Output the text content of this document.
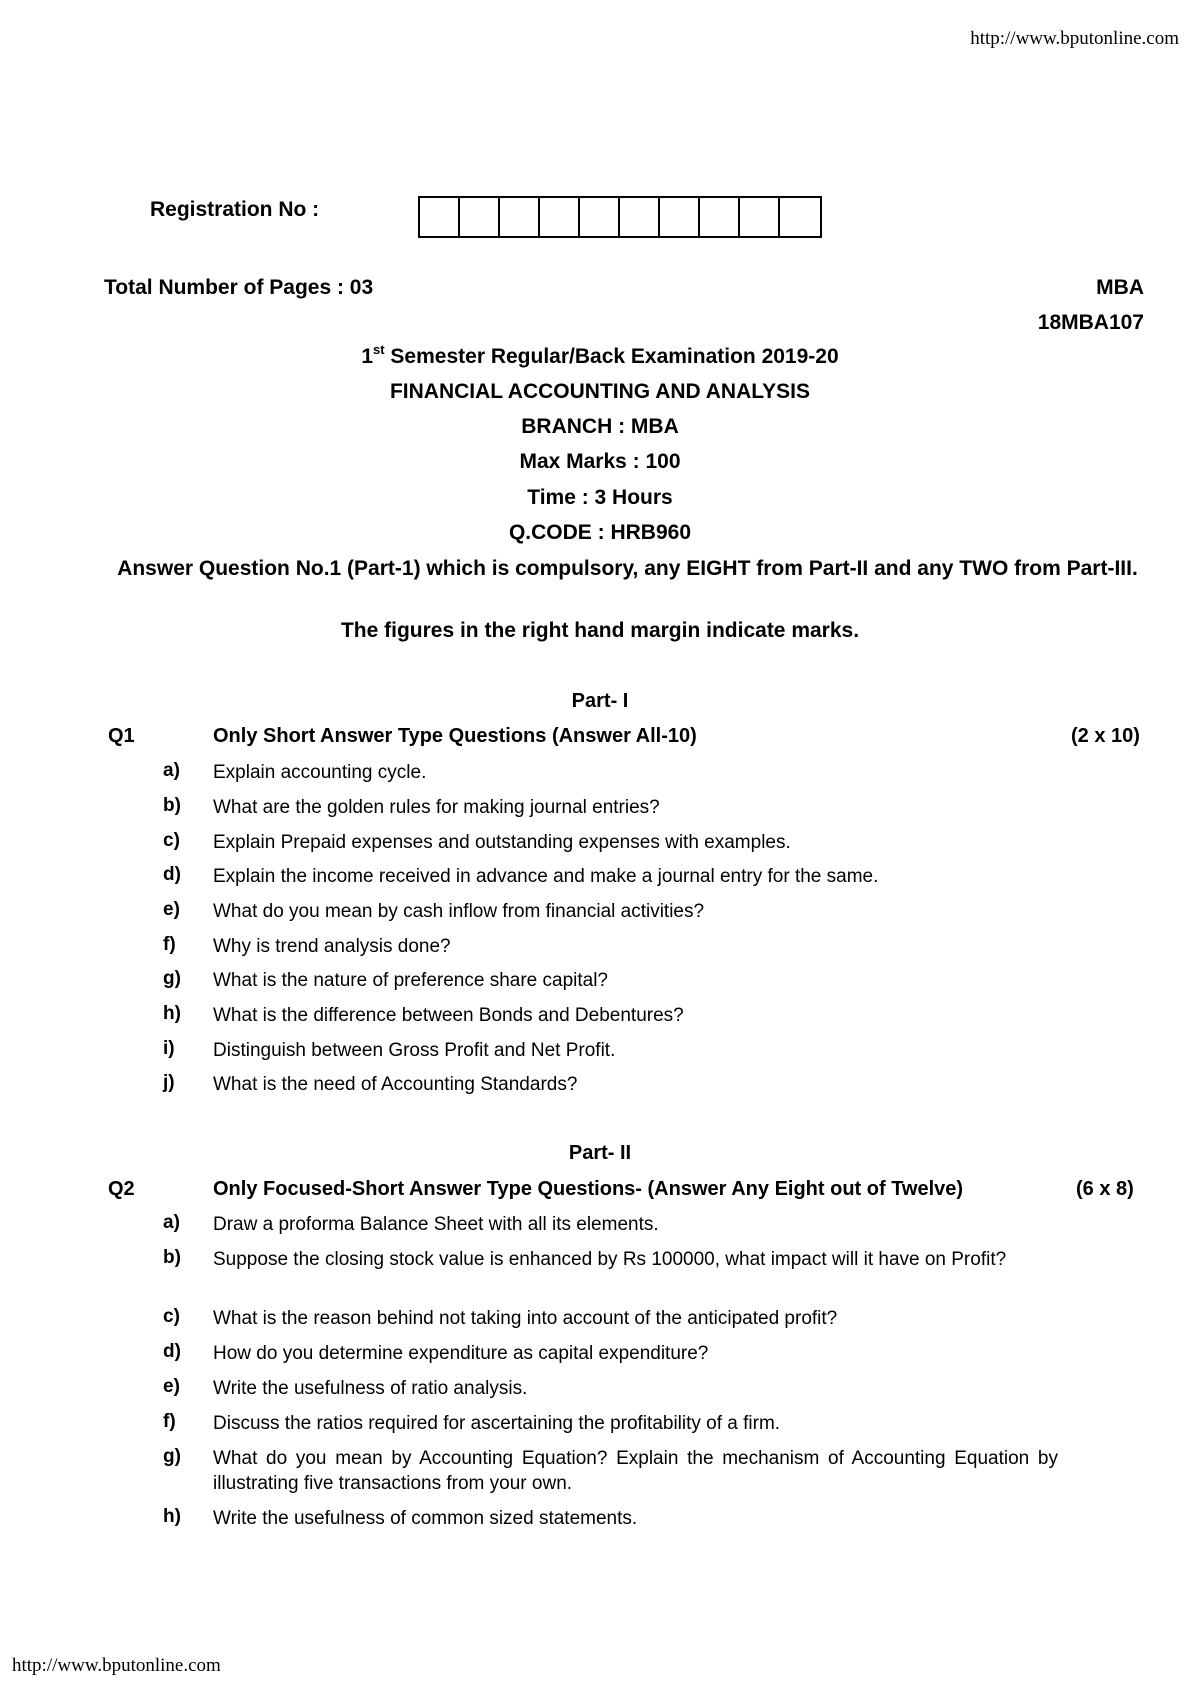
http://www.bputonline.com
Registration No :
Total Number of Pages : 03	MBA
18MBA107
1st Semester Regular/Back Examination 2019-20
FINANCIAL ACCOUNTING AND ANALYSIS
BRANCH : MBA
Max Marks : 100
Time : 3 Hours
Q.CODE : HRB960
Answer Question No.1 (Part-1) which is compulsory, any EIGHT from Part-II and any TWO from Part-III.
The figures in the right hand margin indicate marks.
Part- I
Q1	Only Short Answer Type Questions (Answer All-10)	(2 x 10)
a) Explain accounting cycle.
b) What are the golden rules for making journal entries?
c) Explain Prepaid expenses and outstanding expenses with examples.
d) Explain the income received in advance and make a journal entry for the same.
e) What do you mean by cash inflow from financial activities?
f) Why is trend analysis done?
g) What is the nature of preference share capital?
h) What is the difference between Bonds and Debentures?
i) Distinguish between Gross Profit and Net Profit.
j) What is the need of Accounting Standards?
Part- II
Q2	Only Focused-Short Answer Type Questions- (Answer Any Eight out of Twelve)	(6 x 8)
a) Draw a proforma Balance Sheet with all its elements.
b) Suppose the closing stock value is enhanced by Rs 100000, what impact will it have on Profit?
c) What is the reason behind not taking into account of the anticipated profit?
d) How do you determine expenditure as capital expenditure?
e) Write the usefulness of ratio analysis.
f) Discuss the ratios required for ascertaining the profitability of a firm.
g) What do you mean by Accounting Equation? Explain the mechanism of Accounting Equation by illustrating five transactions from your own.
h) Write the usefulness of common sized statements.
http://www.bputonline.com
